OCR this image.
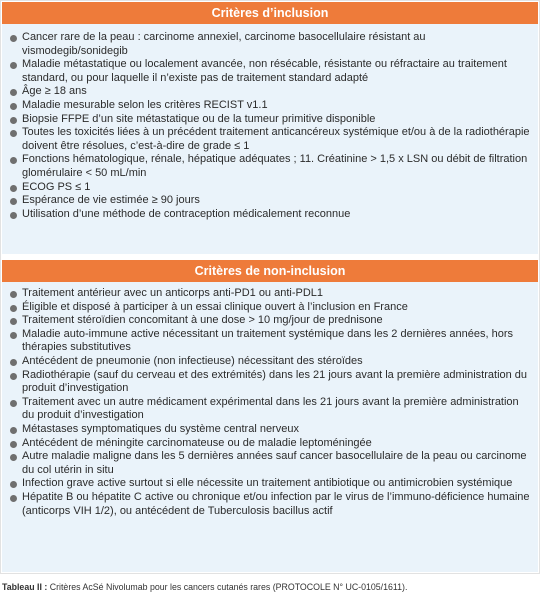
Critères d’inclusion
Cancer rare de la peau : carcinome annexiel, carcinome basocellulaire résistant au vismodegib/sonidegib
Maladie métastatique ou localement avancée, non résécable, résistante ou réfractaire au traitement standard, ou pour laquelle il n’existe pas de traitement standard adapté
Âge ≥ 18 ans
Maladie mesurable selon les critères RECIST v1.1
Biopsie FFPE d’un site métastatique ou de la tumeur primitive disponible
Toutes les toxicités liées à un précédent traitement anticancéreux systémique et/ou à de la radiothérapie doivent être résolues, c’est-à-dire de grade ≤ 1
Fonctions hématologique, rénale, hépatique adéquates ; 11. Créatinine > 1,5 x LSN ou débit de filtration glomérulaire < 50 mL/min
ECOG PS ≤ 1
Espérance de vie estimée ≥ 90 jours
Utilisation d’une méthode de contraception médicalement reconnue
Critères de non-inclusion
Traitement antérieur avec un anticorps anti-PD1 ou anti-PDL1
Éligible et disposé à participer à un essai clinique ouvert à l’inclusion en France
Traitement stéroïdien concomitant à une dose > 10 mg/jour de prednisone
Maladie auto-immune active nécessitant un traitement systémique dans les 2 dernières années, hors thérapies substitutives
Antécédent de pneumonie (non infectieuse) nécessitant des stéroïdes
Radiothérapie (sauf du cerveau et des extrémités) dans les 21 jours avant la première administration du produit d’investigation
Traitement avec un autre médicament expérimental dans les 21 jours avant la première administration du produit d’investigation
Métastases symptomatiques du système central nerveux
Antécédent de méningite carcinomateuse ou de maladie leptoméningée
Autre maladie maligne dans les 5 dernières années sauf cancer basocellulaire de la peau ou carcinome du col utérin in situ
Infection grave active surtout si elle nécessite un traitement antibiotique ou antimicrobien systémique
Hépatite B ou hépatite C active ou chronique et/ou infection par le virus de l’immuno-déficience humaine (anticorps VIH 1/2), ou antécédent de Tuberculosis bacillus actif
Tableau II : Critères AcSé Nivolumab pour les cancers cutanés rares (PROTOCOLE N° UC-0105/1611).
